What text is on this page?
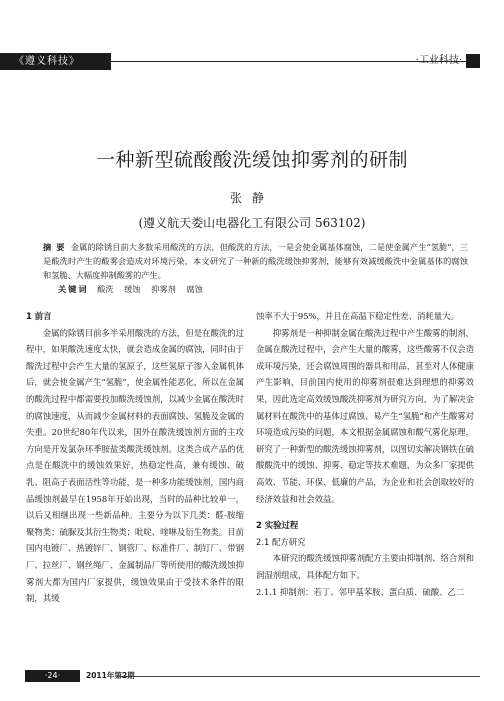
《遵义科技》	·工业科技·
一种新型硫酸酸洗缓蚀抑雾剂的研制
张静
(遵义航天娄山电器化工有限公司 563102)
摘 要 金属的除锈目前大多数采用酸洗的方法，但酸洗的方法，一是会使金属基体腐蚀，二是使金属产生“氢脆”，三是酸洗时产生的酸雾会造成对环境污染，本文研究了一种新的酸洗缓蚀抑雾剂，能够有效减缓酸洗中金属基体的腐蚀和氢脆、大幅度抑制酸雾的产生。
关键词 酸洗 缓蚀 抑雾剂 腐蚀

1 前言

金属的除锈目前多半采用酸洗的方法，但是在酸洗的过程中，如果酸洗速度太快，就会造成金属的腐蚀，同时由于酸洗过程中会产生大量的氢原子，这些氢原子渗入金属机体后，就会使金属产生“氢脆”，使金属性能恶化，所以在金属的酸洗过程中都需要投加酸洗缓蚀剂，以减少金属在酸洗时的腐蚀速度，从而减少金属材料的表面腐蚀、氢脆及金属的失重。20世纪80年代以来，国外在酸洗缓蚀剂方面的主攻方向是开发氯杂环季胺盐类酸洗缓蚀剂。这类合成产品的优点是在酸洗中的缓蚀效果好，热稳定性高，兼有缓蚀、破乳、阻高子表面活性等功能，是一种多功能缓蚀剂，国内商品缓蚀剂最早在1958年开始出现，当时的品种比较单一，以后又相继出现一些新品种。主要分为以下几类：醛-胺缩聚物类；硫脲及其衍生物类；吡啶、喹啉及衍生物类。目前国内电镀厂、热镀锌厂、钢管厂、标准件厂、制钉厂、带钢厂、拉丝厂、钢丝绳厂、金属制品厂等所使用的酸洗缓蚀抑雾剂大都为国内厂家提供，缓蚀效果由于受技术条件的限制，其缓

蚀率不大于95%，并且在高温下稳定性差、消耗量大。

抑雾剂是一种抑制金属在酸洗过程中产生酸雾的制剂，金属在酸洗过程中，会产生大量的酸雾，这些酸雾不仅会造成环境污染，还会腐蚀周围的器具和用品，甚至对人体健康产生影响，目前国内使用的抑雾剂很难达到理想的抑雾效果，因此选定高效缓蚀酸洗抑雾剂为研究方向，为了解决金属材料在酸洗中的基体过腐蚀、易产生“氢脆”和产生酸雾对环境造成污染的问题，本文根据金属腐蚀和酸气雾化原理，研究了一种新型的酸洗缓蚀抑雾剂，以图切实解决钢铁在硫酸酸洗中的缓蚀、抑雾、稳定等技术难题，为众多厂家提供高效、节能、环保、低廉的产品，为企业和社会创取较好的经济效益和社会效益。

2 实验过程

2.1 配方研究

本研究的酸洗缓蚀抑雾剂配方主要由抑制剂、络合剂和润湿剂组成，具体配方如下。

2.1.1 抑制剂：若丁、邻甲基苯胺、蛋白质、硫酸、乙二

·24·	2011年第2期
